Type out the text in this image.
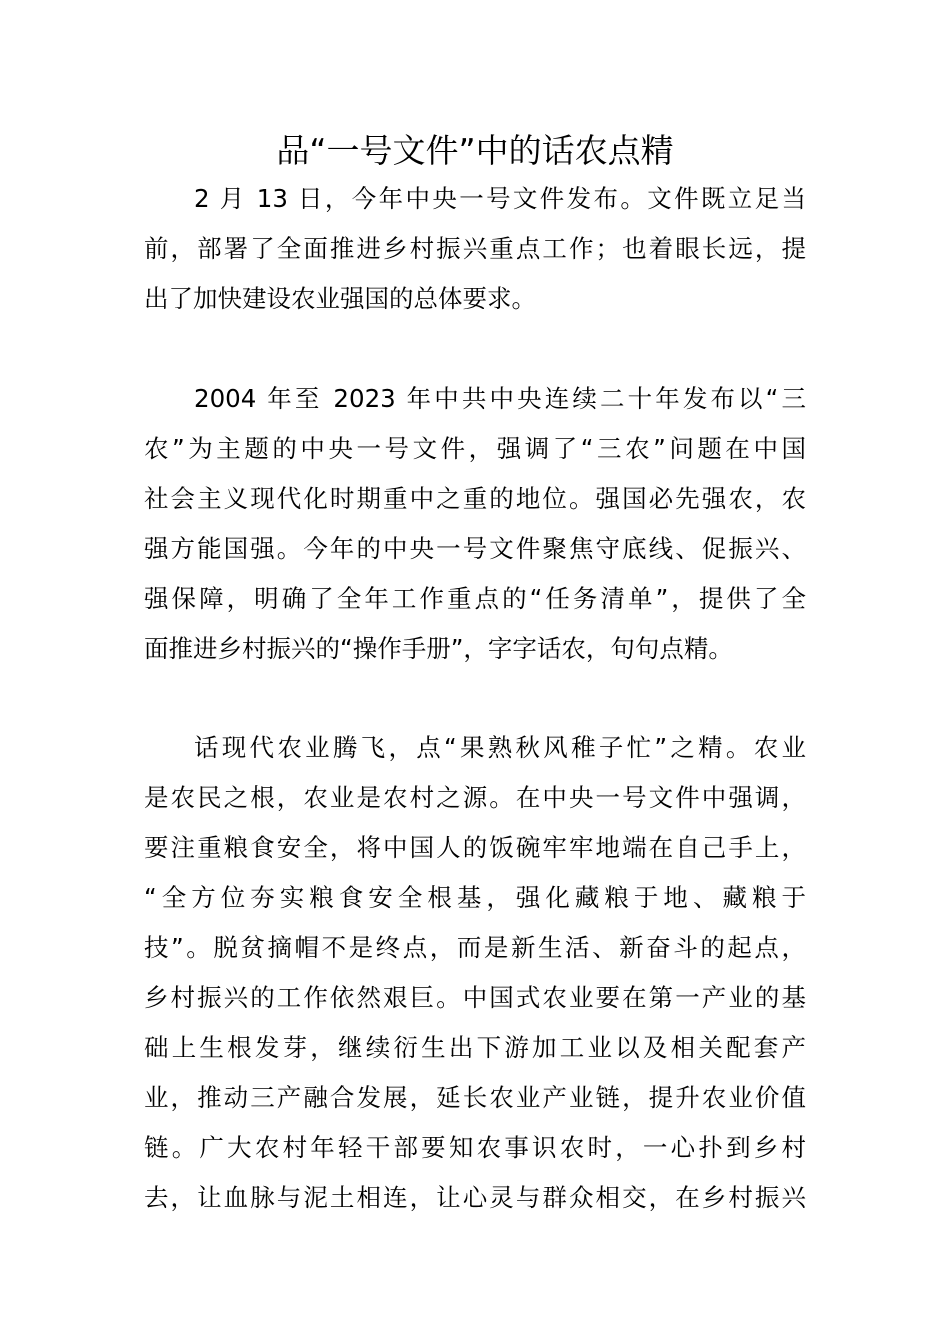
品“一号文件”中的话农点精
2 月 13 日，今年中央一号文件发布。文件既立足当
前，部署了全面推进乡村振兴重点工作；也着眼长远，提
出了加快建设农业强国的总体要求。
2004 年至 2023 年中共中央连续二十年发布以“三
农”为主题的中央一号文件，强调了“三农”问题在中国
社会主义现代化时期重中之重的地位。强国必先强农，农
强方能国强。今年的中央一号文件聚焦守底线、促振兴、
强保障，明确了全年工作重点的“任务清单”，提供了全
面推进乡村振兴的“操作手册”，字字话农，句句点精。
话现代农业腾飞，点“果熟秋风稚子忙”之精。农业
是农民之根，农业是农村之源。在中央一号文件中强调，
要注重粮食安全，将中国人的饭碗牢牢地端在自己手上，
“全方位夯实粮食安全根基，强化藏粮于地、藏粮于
技”。脱贫摘帽不是终点，而是新生活、新奋斗的起点，
乡村振兴的工作依然艰巨。中国式农业要在第一产业的基
础上生根发芽，继续衍生出下游加工业以及相关配套产
业，推动三产融合发展，延长农业产业链，提升农业价值
链。广大农村年轻干部要知农事识农时，一心扑到乡村
去，让血脉与泥土相连，让心灵与群众相交，在乡村振兴
